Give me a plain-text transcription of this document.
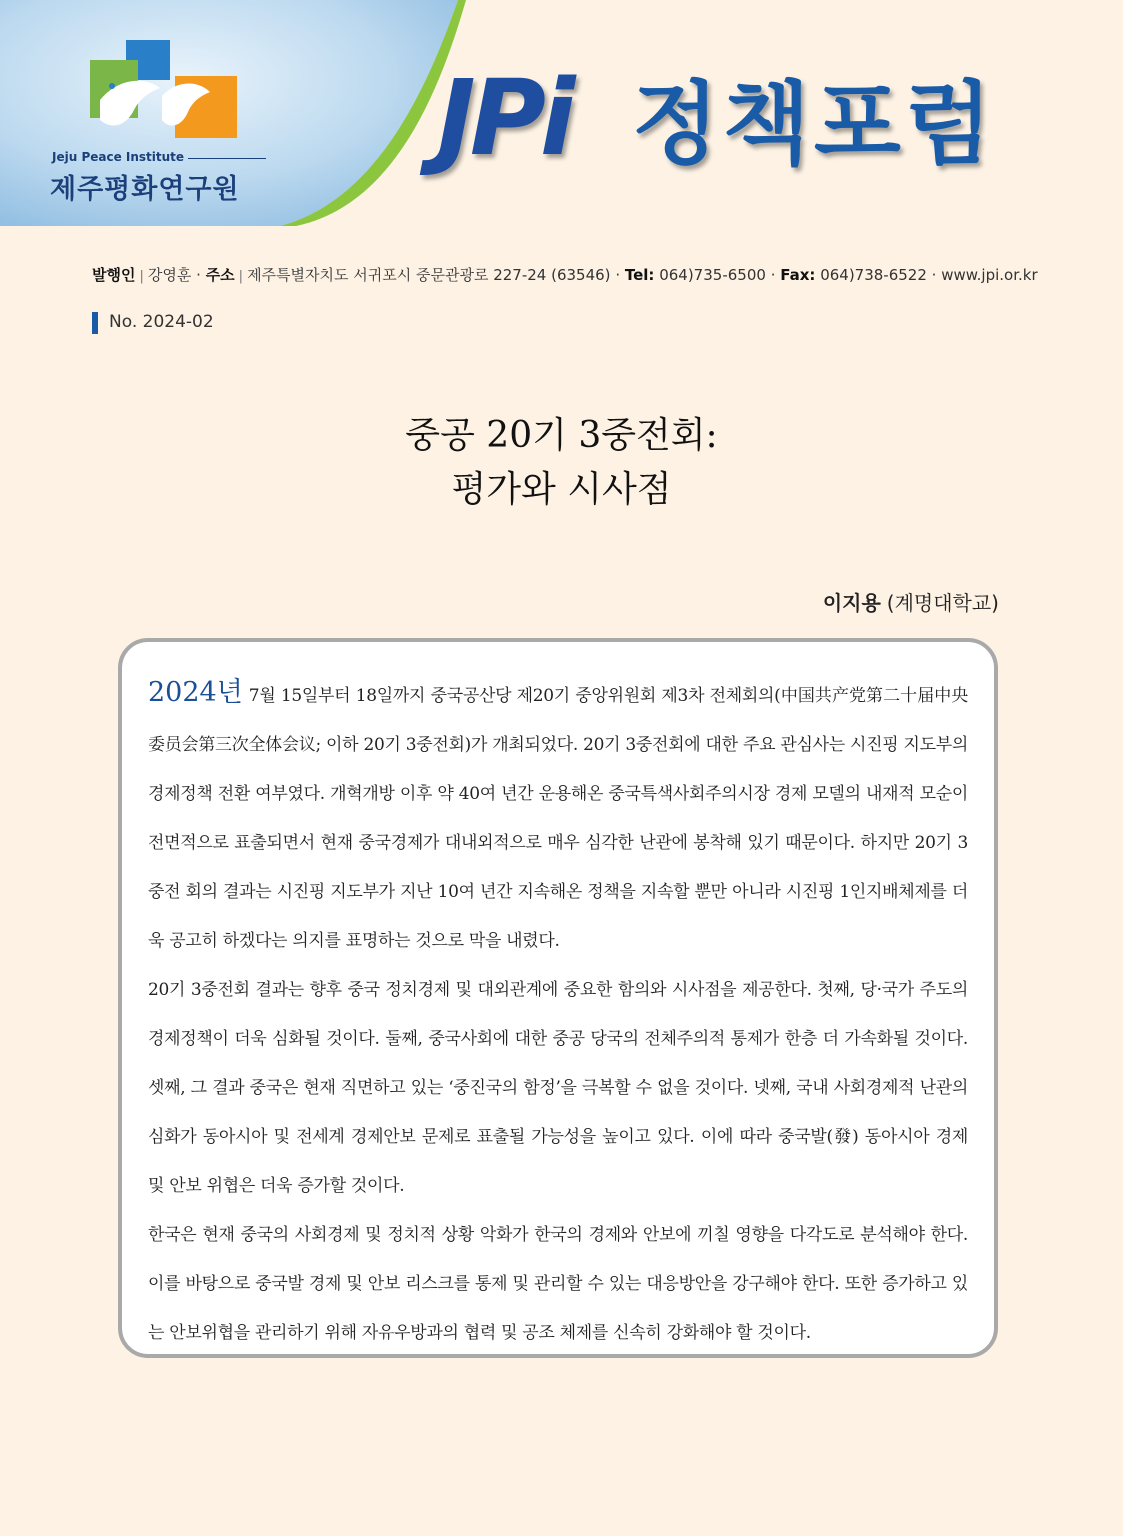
Jeju Peace Institute
제주평화연구원
JPi 정책포럼
발행인 | 강영훈 · 주소 | 제주특별자치도 서귀포시 중문관광로 227-24 (63546) · Tel: 064)735-6500 · Fax: 064)738-6522 · www.jpi.or.kr
No. 2024-02
중공 20기 3중전회:
평가와 시사점
이지용 (계명대학교)

2024년 7월 15일부터 18일까지 중국공산당 제20기 중앙위원회 제3차 전체회의(中国共产党第二十届中央委员会第三次全体会议; 이하 20기 3중전회)가 개최되었다. 20기 3중전회에 대한 주요 관심사는 시진핑 지도부의 경제정책 전환 여부였다. 개혁개방 이후 약 40여 년간 운용해온 중국특색사회주의시장 경제 모델의 내재적 모순이 전면적으로 표출되면서 현재 중국경제가 대내외적으로 매우 심각한 난관에 봉착해 있기 때문이다. 하지만 20기 3중전 회의 결과는 시진핑 지도부가 지난 10여 년간 지속해온 정책을 지속할 뿐만 아니라 시진핑 1인지배체제를 더욱 공고히 하겠다는 의지를 표명하는 것으로 막을 내렸다.

20기 3중전회 결과는 향후 중국 정치경제 및 대외관계에 중요한 함의와 시사점을 제공한다. 첫째, 당·국가 주도의 경제정책이 더욱 심화될 것이다. 둘째, 중국사회에 대한 중공 당국의 전체주의적 통제가 한층 더 가속화될 것이다. 셋째, 그 결과 중국은 현재 직면하고 있는 ‘중진국의 함정’을 극복할 수 없을 것이다. 넷째, 국내 사회경제적 난관의 심화가 동아시아 및 전세계 경제안보 문제로 표출될 가능성을 높이고 있다. 이에 따라 중국발(發) 동아시아 경제 및 안보 위협은 더욱 증가할 것이다.

한국은 현재 중국의 사회경제 및 정치적 상황 악화가 한국의 경제와 안보에 끼칠 영향을 다각도로 분석해야 한다. 이를 바탕으로 중국발 경제 및 안보 리스크를 통제 및 관리할 수 있는 대응방안을 강구해야 한다. 또한 증가하고 있는 안보위협을 관리하기 위해 자유우방과의 협력 및 공조 체제를 신속히 강화해야 할 것이다.
